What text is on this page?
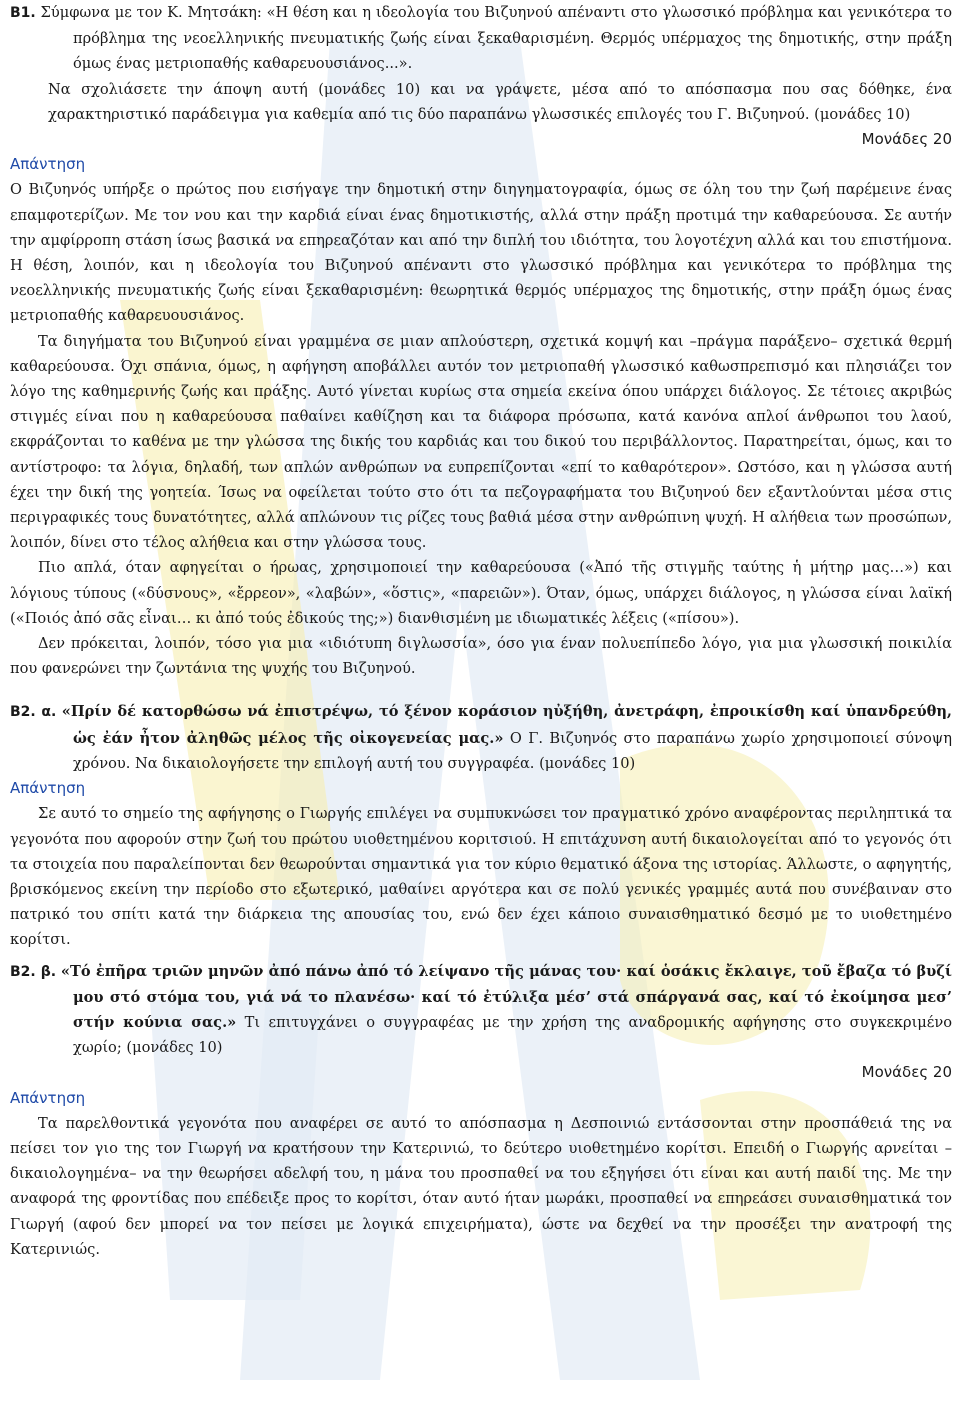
Β1. Σύμφωνα με τον Κ. Μητσάκη: «Η θέση και η ιδεολογία του Βιζυηνού απέναντι στο γλωσσικό πρόβλημα και γενικότερα το πρόβλημα της νεοελληνικής πνευματικής ζωής είναι ξεκαθαρισμένη. Θερμός υπέρμαχος της δημοτικής, στην πράξη όμως ένας μετριοπαθής καθαρευουσιάνος...».

Να σχολιάσετε την άποψη αυτή (μονάδες 10) και να γράψετε, μέσα από το απόσπασμα που σας δόθηκε, ένα χαρακτηριστικό παράδειγμα για καθεμία από τις δύο παραπάνω γλωσσικές επιλογές του Γ. Βιζυηνού. (μονάδες 10)

Μονάδες 20

Απάντηση

Ο Βιζυηνός υπήρξε ο πρώτος που εισήγαγε την δημοτική στην διηγηματογραφία, όμως σε όλη του την ζωή παρέμεινε ένας επαμφοτερίζων. Με τον νου και την καρδιά είναι ένας δημοτικιστής, αλλά στην πράξη προτιμά την καθαρεύουσα. Σε αυτήν την αμφίρροπη στάση ίσως βασικά να επηρεαζόταν και από την διπλή του ιδιότητα, του λογοτέχνη αλλά και του επιστήμονα. Η θέση, λοιπόν, και η ιδεολογία του Βιζυηνού απέναντι στο γλωσσικό πρόβλημα και γενικότερα το πρόβλημα της νεοελληνικής πνευματικής ζωής είναι ξεκαθαρισμένη: θεωρητικά θερμός υπέρμαχος της δημοτικής, στην πράξη όμως ένας μετριοπαθής καθαρευουσιάνος.

Τα διηγήματα του Βιζυηνού είναι γραμμένα σε μιαν απλούστερη, σχετικά κομψή και –πράγμα παράξενο– σχετικά θερμή καθαρεύουσα. Όχι σπάνια, όμως, η αφήγηση αποβάλλει αυτόν τον μετριοπαθή γλωσσικό καθωσπρεπισμό και πλησιάζει τον λόγο της καθημερινής ζωής και πράξης. Αυτό γίνεται κυρίως στα σημεία εκείνα όπου υπάρχει διάλογος. Σε τέτοιες ακριβώς στιγμές είναι που η καθαρεύουσα παθαίνει καθίζηση και τα διάφορα πρόσωπα, κατά κανόνα απλοί άνθρωποι του λαού, εκφράζονται το καθένα με την γλώσσα της δικής του καρδιάς και του δικού του περιβάλλοντος. Παρατηρείται, όμως, και το αντίστροφο: τα λόγια, δηλαδή, των απλών ανθρώπων να ευπρεπίζονται «επί το καθαρότερον». Ωστόσο, και η γλώσσα αυτή έχει την δική της γοητεία. Ίσως να οφείλεται τούτο στο ότι τα πεζογραφήματα του Βιζυηνού δεν εξαντλούνται μέσα στις περιγραφικές τους δυνατότητες, αλλά απλώνουν τις ρίζες τους βαθιά μέσα στην ανθρώπινη ψυχή. Η αλήθεια των προσώπων, λοιπόν, δίνει στο τέλος αλήθεια και στην γλώσσα τους.

Πιο απλά, όταν αφηγείται ο ήρωας, χρησιμοποιεί την καθαρεύουσα («Ἀπό τῆς στιγμῆς ταύτης ἡ μήτηρ μας…») και λόγιους τύπους («δύσνους», «ἔρρεον», «λαβών», «ὅστις», «παρειῶν»). Όταν, όμως, υπάρχει διάλογος, η γλώσσα είναι λαϊκή («Ποιός ἀπό σᾶς εἶναι… κι ἀπό τούς ἐδικούς της;») διανθισμένη με ιδιωματικές λέξεις («πίσου»).

Δεν πρόκειται, λοιπόν, τόσο για μια «ιδιότυπη διγλωσσία», όσο για έναν πολυεπίπεδο λόγο, για μια γλωσσική ποικιλία που φανερώνει την ζωντάνια της ψυχής του Βιζυηνού.

Β2. α. «Πρίν δέ κατορθώσω νά ἐπιστρέψω, τό ξένον κοράσιον ηὐξήθη, ἀνετράφη, ἐπροικίσθη καί ὑπανδρεύθη, ὡς ἐάν ἦτον ἀληθῶς μέλος τῆς οἰκογενείας μας.» Ο Γ. Βιζυηνός στο παραπάνω χωρίο χρησιμοποιεί σύνοψη χρόνου. Να δικαιολογήσετε την επιλογή αυτή του συγγραφέα. (μονάδες 10)

Απάντηση

Σε αυτό το σημείο της αφήγησης ο Γιωργής επιλέγει να συμπυκνώσει τον πραγματικό χρόνο αναφέροντας περιληπτικά τα γεγονότα που αφορούν στην ζωή του πρώτου υιοθετημένου κοριτσιού. Η επιτάχυνση αυτή δικαιολογείται από το γεγονός ότι τα στοιχεία που παραλείπονται δεν θεωρούνται σημαντικά για τον κύριο θεματικό άξονα της ιστορίας. Άλλωστε, ο αφηγητής, βρισκόμενος εκείνη την περίοδο στο εξωτερικό, μαθαίνει αργότερα και σε πολύ γενικές γραμμές αυτά που συνέβαιναν στο πατρικό του σπίτι κατά την διάρκεια της απουσίας του, ενώ δεν έχει κάποιο συναισθηματικό δεσμό με το υιοθετημένο κορίτσι.

Β2. β. «Τό ἐπῆρα τριῶν μηνῶν ἀπό πάνω ἀπό τό λείψανο τῆς μάνας του· καί ὁσάκις ἔκλαιγε, τοῦ ἔβαζα τό βυζί μου στό στόμα του, γιά νά το πλανέσω· καί τό ἐτύλιξα μέσ’ στά σπάργανά σας, καί τό ἐκοίμησα μεσ’ στήν κούνια σας.» Τι επιτυγχάνει ο συγγραφέας με την χρήση της αναδρομικής αφήγησης στο συγκεκριμένο χωρίο; (μονάδες 10)

Μονάδες 20

Απάντηση

Τα παρελθοντικά γεγονότα που αναφέρει σε αυτό το απόσπασμα η Δεσποινιώ εντάσσονται στην προσπάθειά της να πείσει τον γιο της τον Γιωργή να κρατήσουν την Κατερινιώ, το δεύτερο υιοθετημένο κορίτσι. Επειδή ο Γιωργής αρνείται –δικαιολογημένα– να την θεωρήσει αδελφή του, η μάνα του προσπαθεί να του εξηγήσει ότι είναι και αυτή παιδί της. Με την αναφορά της φροντίδας που επέδειξε προς το κορίτσι, όταν αυτό ήταν μωράκι, προσπαθεί να επηρεάσει συναισθηματικά τον Γιωργή (αφού δεν μπορεί να τον πείσει με λογικά επιχειρήματα), ώστε να δεχθεί να την προσέξει την ανατροφή της Κατερινιώς.
